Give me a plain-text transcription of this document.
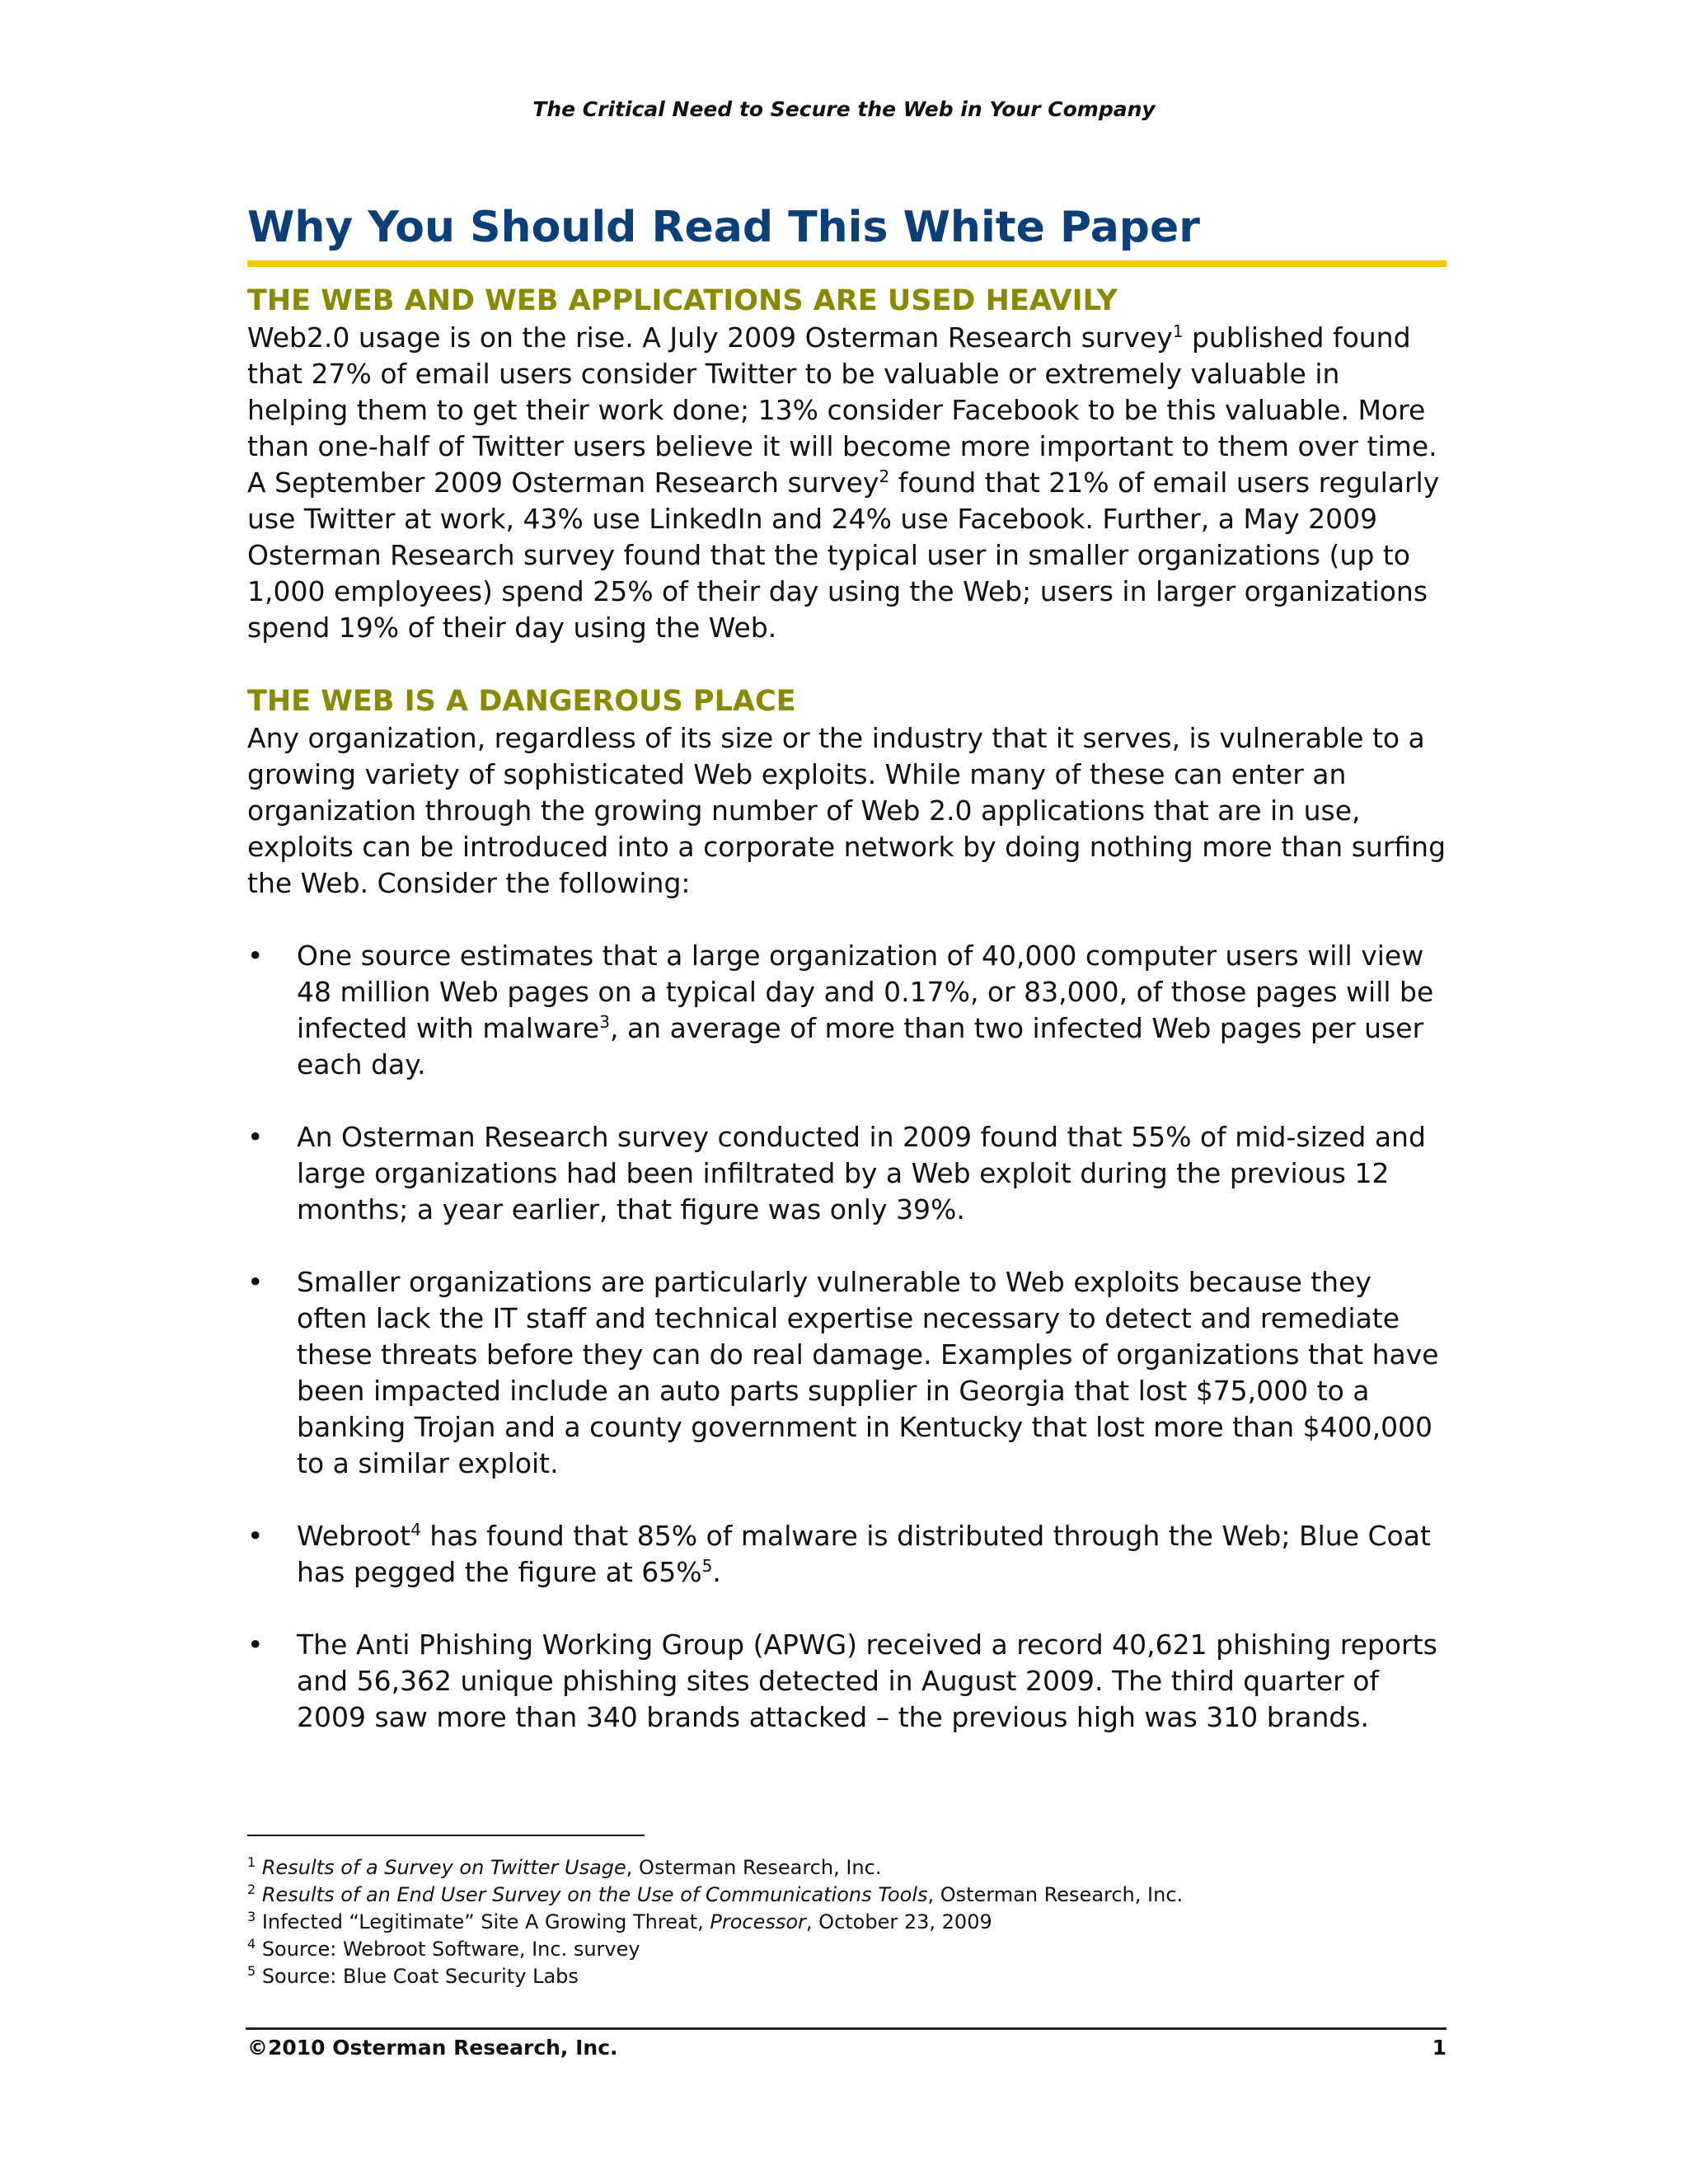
The Critical Need to Secure the Web in Your Company
Why You Should Read This White Paper
THE WEB AND WEB APPLICATIONS ARE USED HEAVILY

Web2.0 usage is on the rise. A July 2009 Osterman Research survey$^1$ published found that 27% of email users consider Twitter to be valuable or extremely valuable in helping them to get their work done; 13% consider Facebook to be this valuable. More than one-half of Twitter users believe it will become more important to them over time. A September 2009 Osterman Research survey$^2$ found that 21% of email users regularly use Twitter at work, 43% use LinkedIn and 24% use Facebook. Further, a May 2009 Osterman Research survey found that the typical user in smaller organizations (up to 1,000 employees) spend 25% of their day using the Web; users in larger organizations spend 19% of their day using the Web.

THE WEB IS A DANGEROUS PLACE

Any organization, regardless of its size or the industry that it serves, is vulnerable to a growing variety of sophisticated Web exploits. While many of these can enter an organization through the growing number of Web 2.0 applications that are in use, exploits can be introduced into a corporate network by doing nothing more than surfing the Web. Consider the following:

• One source estimates that a large organization of 40,000 computer users will view 48 million Web pages on a typical day and 0.17%, or 83,000, of those pages will be infected with malware$^3$, an average of more than two infected Web pages per user each day.
• An Osterman Research survey conducted in 2009 found that 55% of mid-sized and large organizations had been infiltrated by a Web exploit during the previous 12 months; a year earlier, that figure was only 39%.
• Smaller organizations are particularly vulnerable to Web exploits because they often lack the IT staff and technical expertise necessary to detect and remediate these threats before they can do real damage. Examples of organizations that have been impacted include an auto parts supplier in Georgia that lost $75,000 to a banking Trojan and a county government in Kentucky that lost more than $400,000 to a similar exploit.
• Webroot$^4$ has found that 85% of malware is distributed through the Web; Blue Coat has pegged the figure at 65%$^5$.
• The Anti Phishing Working Group (APWG) received a record 40,621 phishing reports and 56,362 unique phishing sites detected in August 2009. The third quarter of 2009 saw more than 340 brands attacked – the previous high was 310 brands.
$^1$ Results of a Survey on Twitter Usage, Osterman Research, Inc.
$^2$ Results of an End User Survey on the Use of Communications Tools, Osterman Research, Inc.
$^3$ Infected “Legitimate” Site A Growing Threat, Processor, October 23, 2009
$^4$ Source: Webroot Software, Inc. survey
$^5$ Source: Blue Coat Security Labs
©2010 Osterman Research, Inc.	1
